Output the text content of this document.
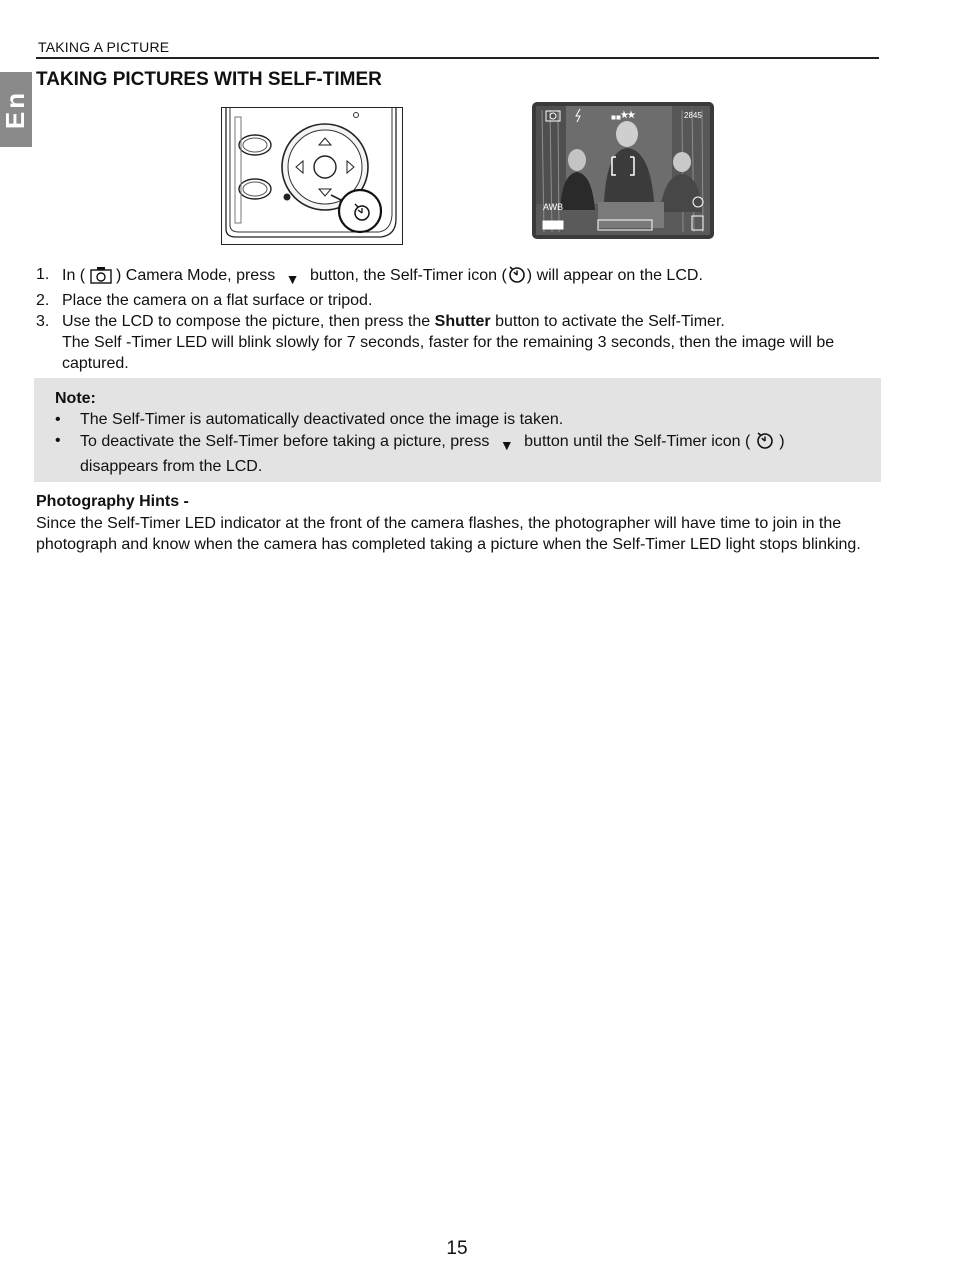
TAKING A PICTURE
En
TAKING PICTURES WITH SELF-TIMER
2845
AWB
1. In ( ) Camera Mode, press ▼ button, the Self-Timer icon ( ) will appear on the LCD.
2. Place the camera on a flat surface or tripod.
3. Use the LCD to compose the picture, then press the Shutter button to activate the Self-Timer.
The Self -Timer LED will blink slowly for 7 seconds, faster for the remaining 3 seconds, then the image will be captured.
Note:
•	The Self-Timer is automatically deactivated once the image is taken.
•	To deactivate the Self-Timer before taking a picture, press ▼ button until the Self-Timer icon ( ) disappears from the LCD.
Photography Hints -
Since the Self-Timer LED indicator at the front of the camera flashes, the photographer will have time to join in the photograph and know when the camera has completed taking a picture when the Self-Timer LED light stops blinking.
15
